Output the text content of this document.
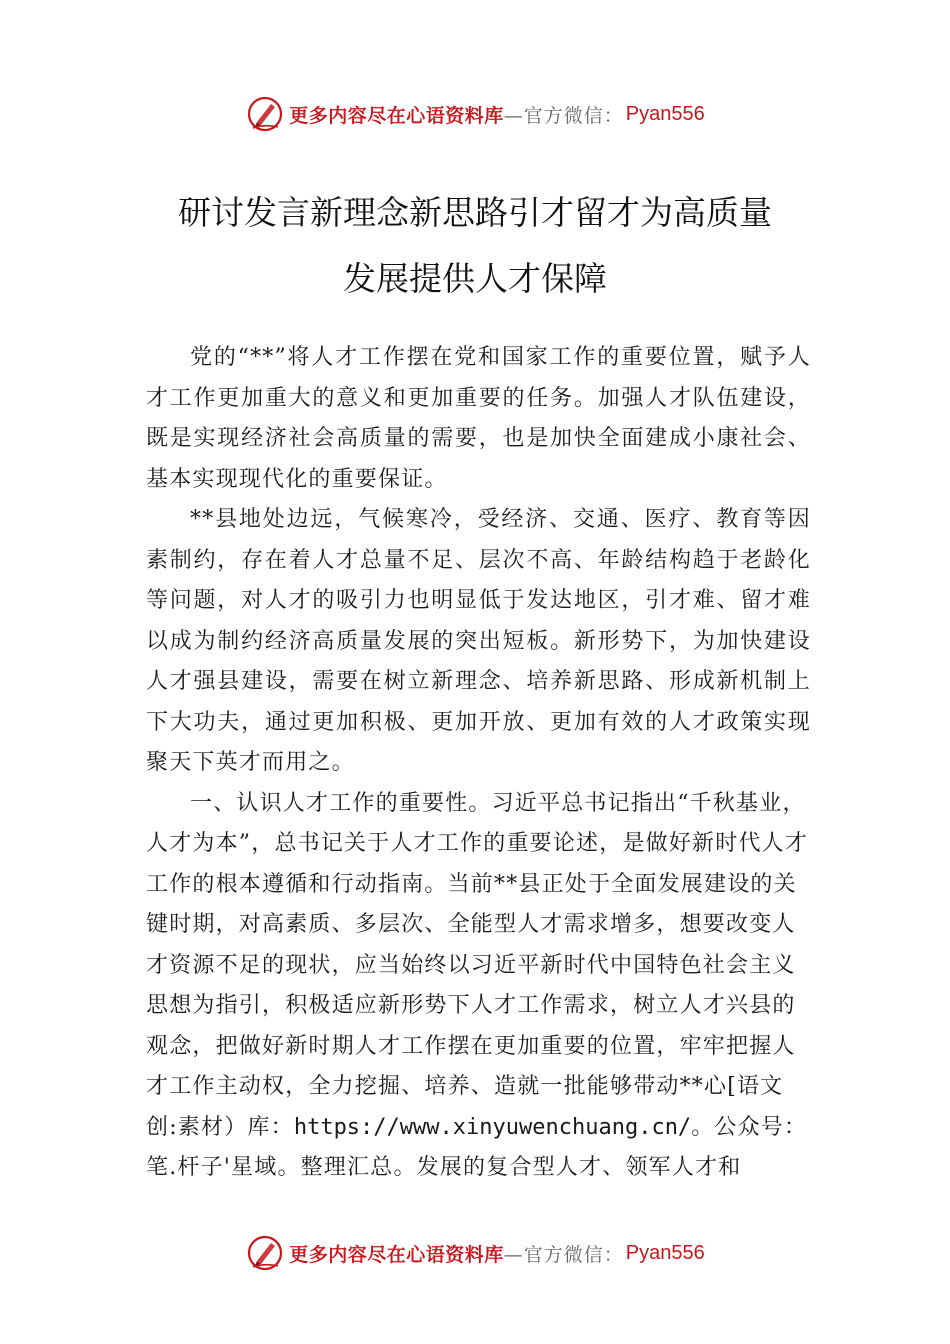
更多内容尽在心语资料库 —官方微信： Pyan556
研讨发言新理念新思路引才留才为高质量
发展提供人才保障

党的“**”将人才工作摆在党和国家工作的重要位置，赋予人才工作更加重大的意义和更加重要的任务。加强人才队伍建设，既是实现经济社会高质量的需要，也是加快全面建成小康社会、基本实现现代化的重要保证。

**县地处边远，气候寒冷，受经济、交通、医疗、教育等因素制约，存在着人才总量不足、层次不高、年龄结构趋于老龄化等问题，对人才的吸引力也明显低于发达地区，引才难、留才难以成为制约经济高质量发展的突出短板。新形势下，为加快建设人才强县建设，需要在树立新理念、培养新思路、形成新机制上下大功夫，通过更加积极、更加开放、更加有效的人才政策实现聚天下英才而用之。

一、认识人才工作的重要性。习近平总书记指出“千秋基业，人才为本”，总书记关于人才工作的重要论述，是做好新时代人才工作的根本遵循和行动指南。当前**县正处于全面发展建设的关键时期，对高素质、多层次、全能型人才需求增多，想要改变人才资源不足的现状，应当始终以习近平新时代中国特色社会主义思想为指引，积极适应新形势下人才工作需求，树立人才兴县的观念，把做好新时期人才工作摆在更加重要的位置，牢牢把握人才工作主动权，全力挖掘、培养、造就一批能够带动**心[语文创:素材）库：https://www.xinyuwenchuang.cn/。公众号：笔.杆子'星域。整理汇总。发展的复合型人才、领军人才和

更多内容尽在心语资料库 —官方微信： Pyan556
